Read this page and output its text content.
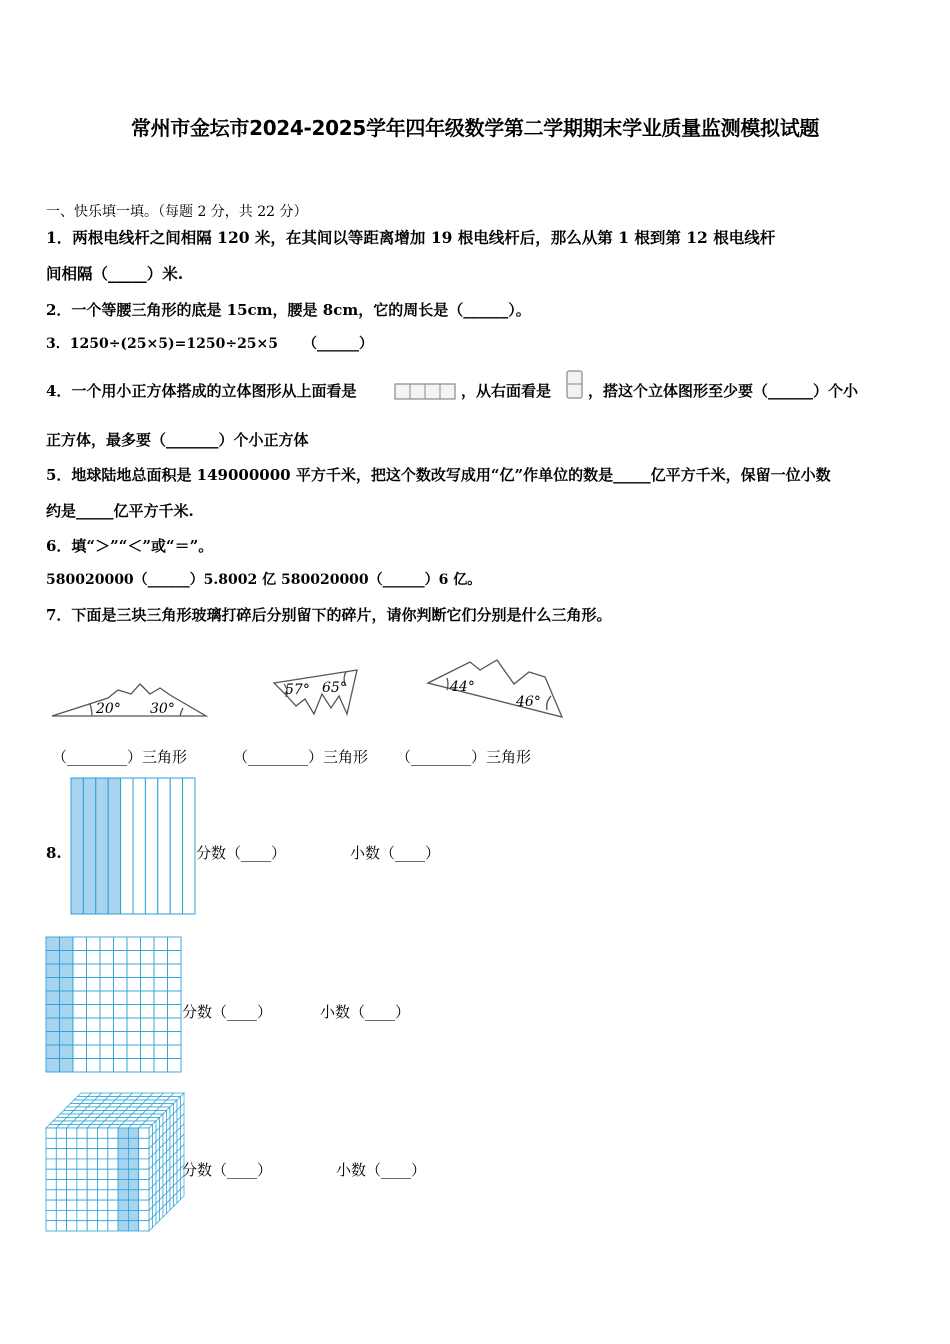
常州市金坛市2024-2025学年四年级数学第二学期期末学业质量监测模拟试题
一、快乐填一填。（每题 2 分，共 22 分）
1．两根电线杆之间相隔 120 米，在其间以等距离增加 19 根电线杆后，那么从第 1 根到第 12 根电线杆
间相隔（_____）米.
2．一个等腰三角形的底是 15cm，腰是 8cm，它的周长是（______）。
3．1250÷(25×5)=1250÷25×5 （______）
4．一个用小正方体搭成的立体图形从上面看是	，从右面看是 ，搭这个立体图形至少要（______）个小
正方体，最多要（_______）个小正方体
5．地球陆地总面积是 149000000 平方千米，把这个数改写成用“亿”作单位的数是_____亿平方千米，保留一位小数
约是_____亿平方千米.
6．填“＞”“＜”或“＝”。
580020000（______）5.8002 亿 580020000（______）6 亿。
7．下面是三块三角形玻璃打碎后分别留下的碎片，请你判断它们分别是什么三角形。
20° 30°
57° 65°	44°
46°
（________）三角形	（________）三角形 （________）三角形
8.	分数（____）	小数（____）
分数（____）	小数（____）
分数（____）	小数（____）
